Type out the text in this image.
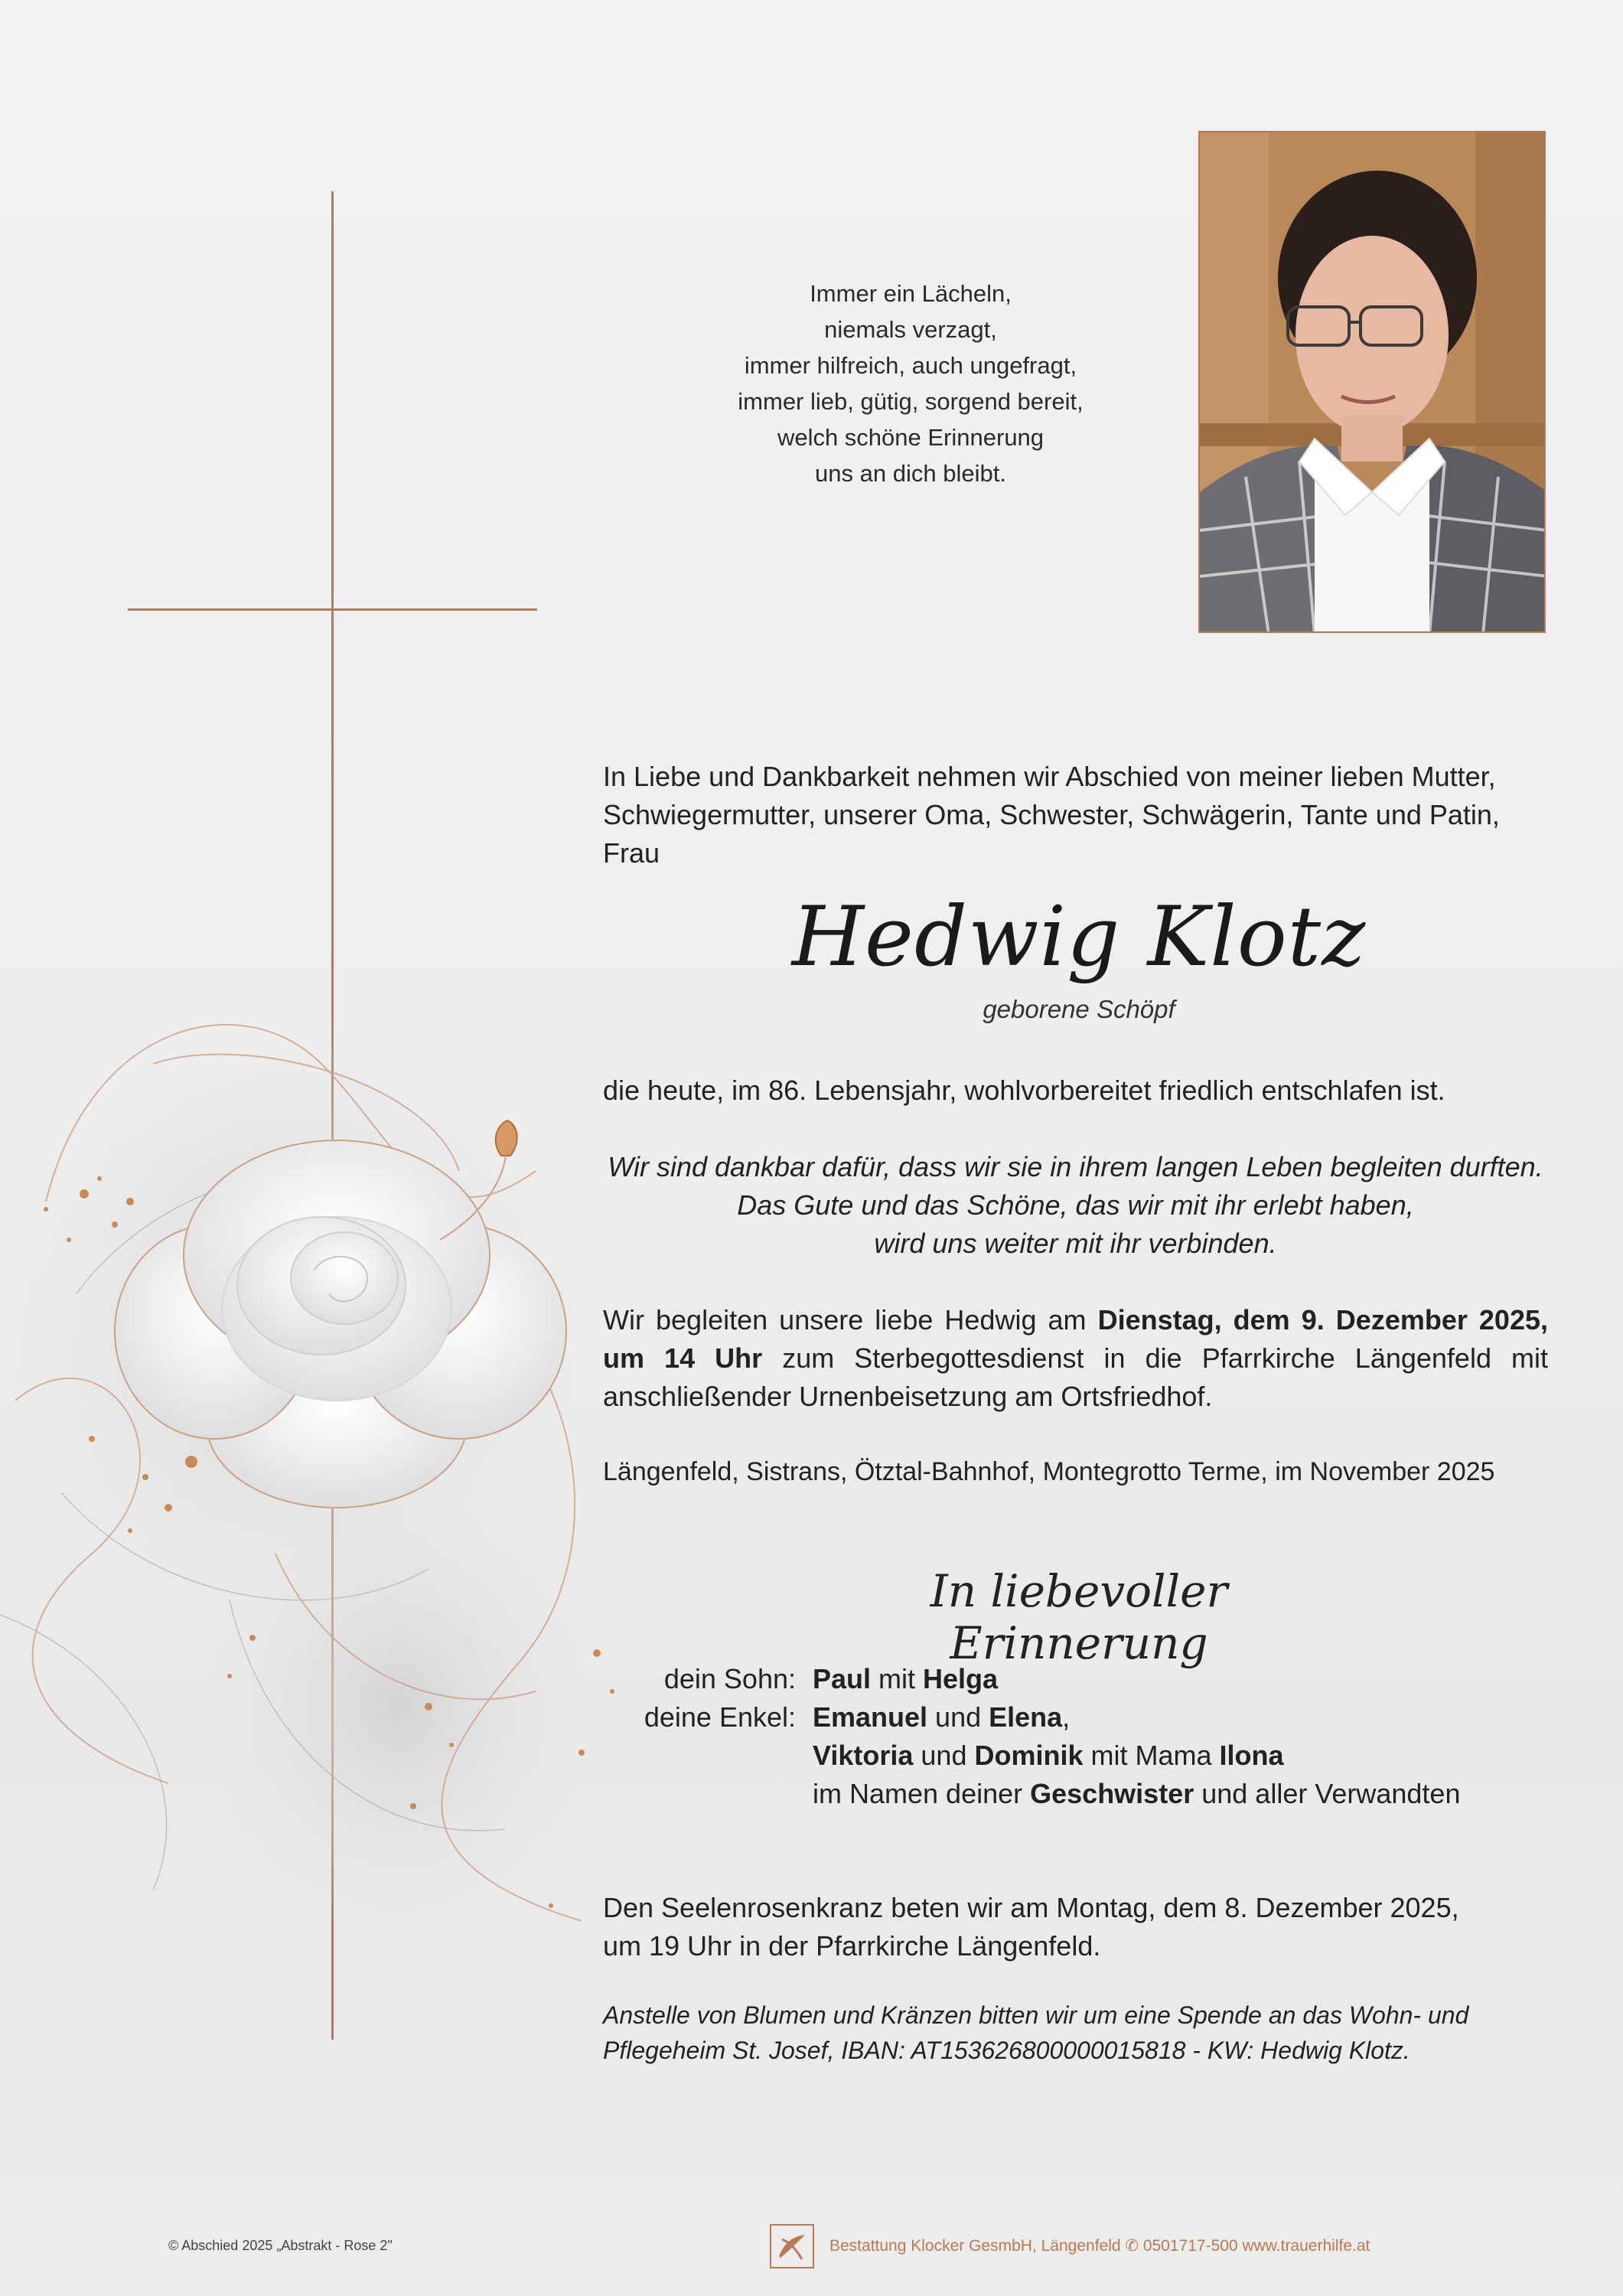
Immer ein Lächeln,
niemals verzagt,
immer hilfreich, auch ungefragt,
immer lieb, gütig, sorgend bereit,
welch schöne Erinnerung
uns an dich bleibt.
In Liebe und Dankbarkeit nehmen wir Abschied von meiner lieben Mutter,
Schwiegermutter, unserer Oma, Schwester, Schwägerin, Tante und Patin,
Frau
Hedwig Klotz
geborene Schöpf
die heute, im 86. Lebensjahr, wohlvorbereitet friedlich entschlafen ist.
Wir sind dankbar dafür, dass wir sie in ihrem langen Leben begleiten durften.
Das Gute und das Schöne, das wir mit ihr erlebt haben,
wird uns weiter mit ihr verbinden.
Wir begleiten unsere liebe Hedwig am Dienstag, dem 9. Dezember 2025, um 14 Uhr zum Sterbegottesdienst in die Pfarrkirche Längenfeld mit anschließender Urnenbeisetzung am Ortsfriedhof.
Längenfeld, Sistrans, Ötztal-Bahnhof, Montegrotto Terme, im November 2025
In liebevoller Erinnerung
dein Sohn: Paul mit Helga
deine Enkel: Emanuel und Elena,
Viktoria und Dominik mit Mama Ilona
im Namen deiner Geschwister und aller Verwandten
Den Seelenrosenkranz beten wir am Montag, dem 8. Dezember 2025,
um 19 Uhr in der Pfarrkirche Längenfeld.
Anstelle von Blumen und Kränzen bitten wir um eine Spende an das Wohn- und
Pflegeheim St. Josef, IBAN: AT153626800000015818 - KW: Hedwig Klotz.
© Abschied 2025 „Abstrakt - Rose 2"	Bestattung Klocker GesmbH, Längenfeld ✆ 0501717-500 www.trauerhilfe.at
